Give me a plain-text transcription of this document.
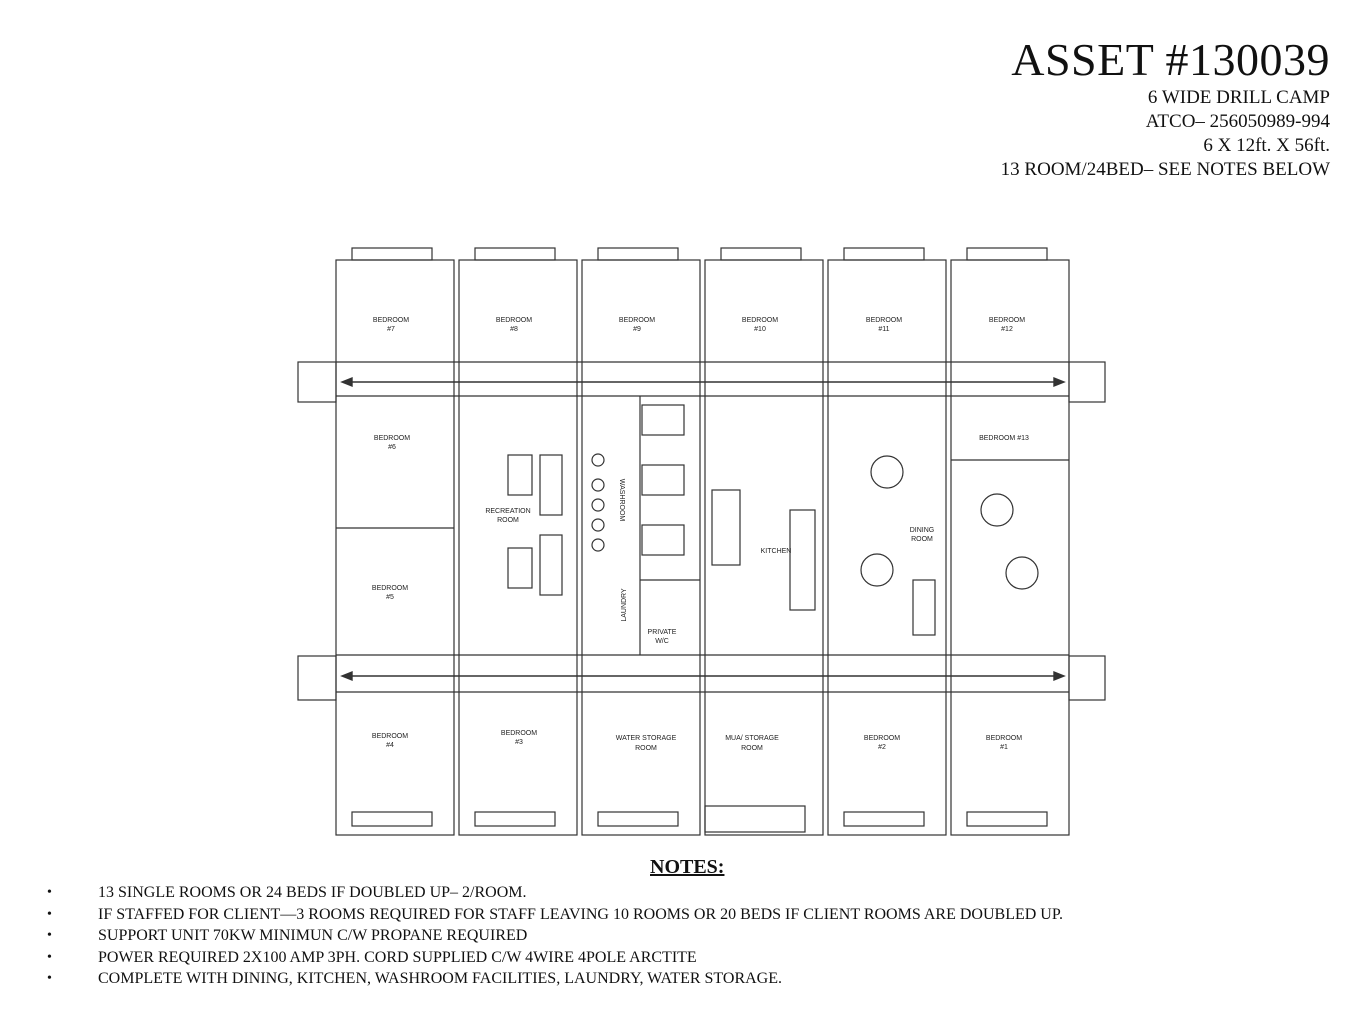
ASSET #130039
6 WIDE DRILL CAMP
ATCO– 256050989-994
6 X 12ft. X 56ft.
13 ROOM/24BED– SEE NOTES BELOW
BEDROOM
#7
BEDROOM
#8
BEDROOM
#9
BEDROOM
#10
BEDROOM
#11
BEDROOM
#12
BEDROOM
#6
BEDROOM
#5
RECREATION
ROOM	WASHROOM
LAUNDRY
PRIVATE
W/C
KITCHEN
DINING
ROOM
BEDROOM #13
BEDROOM
#4
BEDROOM
#3
WATER STORAGE
ROOM
MUA/ STORAGE
ROOM
BEDROOM
#2
BEDROOM
#1
NOTES:
•	13 SINGLE ROOMS OR 24 BEDS IF DOUBLED UP– 2/ROOM.
•	IF STAFFED FOR CLIENT—3 ROOMS REQUIRED FOR STAFF LEAVING 10 ROOMS OR 20 BEDS IF CLIENT ROOMS ARE DOUBLED UP.
•	SUPPORT UNIT 70KW MINIMUN C/W PROPANE REQUIRED
•	POWER REQUIRED 2X100 AMP 3PH. CORD SUPPLIED C/W 4WIRE 4POLE ARCTITE
•	COMPLETE WITH DINING, KITCHEN, WASHROOM FACILITIES, LAUNDRY, WATER STORAGE.
